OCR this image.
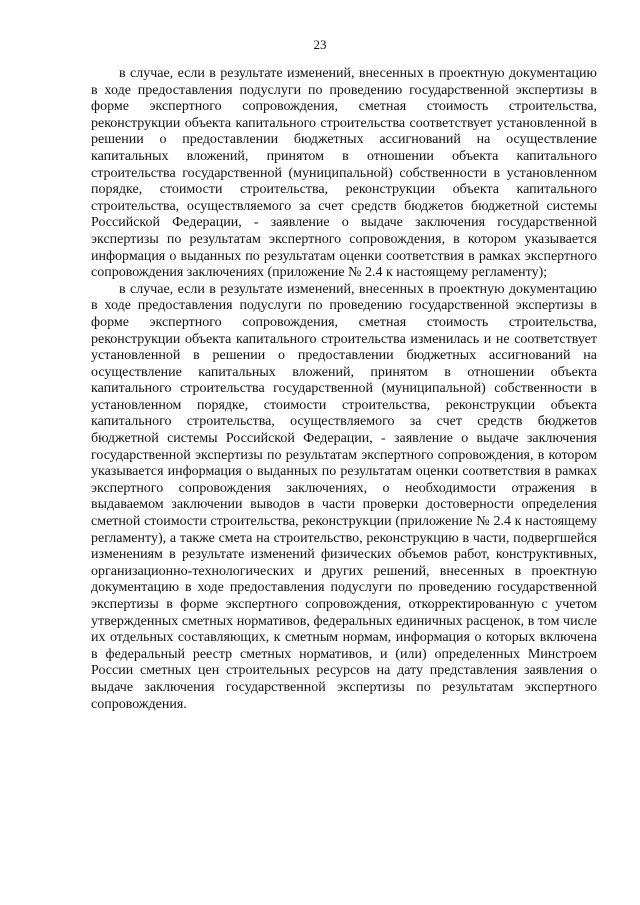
23

в случае, если в результате изменений, внесенных в проектную документацию в ходе предоставления подуслуги по проведению государственной экспертизы в форме экспертного сопровождения, сметная стоимость строительства, реконструкции объекта капитального строительства соответствует установленной в решении о предоставлении бюджетных ассигнований на осуществление капитальных вложений, принятом в отношении объекта капитального строительства государственной (муниципальной) собственности в установленном порядке, стоимости строительства, реконструкции объекта капитального строительства, осуществляемого за счет средств бюджетов бюджетной системы Российской Федерации, - заявление о выдаче заключения государственной экспертизы по результатам экспертного сопровождения, в котором указывается информация о выданных по результатам оценки соответствия в рамках экспертного сопровождения заключениях (приложение № 2.4 к настоящему регламенту);

в случае, если в результате изменений, внесенных в проектную документацию в ходе предоставления подуслуги по проведению государственной экспертизы в форме экспертного сопровождения, сметная стоимость строительства, реконструкции объекта капитального строительства изменилась и не соответствует установленной в решении о предоставлении бюджетных ассигнований на осуществление капитальных вложений, принятом в отношении объекта капитального строительства государственной (муниципальной) собственности в установленном порядке, стоимости строительства, реконструкции объекта капитального строительства, осуществляемого за счет средств бюджетов бюджетной системы Российской Федерации, - заявление о выдаче заключения государственной экспертизы по результатам экспертного сопровождения, в котором указывается информация о выданных по результатам оценки соответствия в рамках экспертного сопровождения заключениях, о необходимости отражения в выдаваемом заключении выводов в части проверки достоверности определения сметной стоимости строительства, реконструкции (приложение № 2.4 к настоящему регламенту), а также смета на строительство, реконструкцию в части, подвергшейся изменениям в результате изменений физических объемов работ, конструктивных, организационно-технологических и других решений, внесенных в проектную документацию в ходе предоставления подуслуги по проведению государственной экспертизы в форме экспертного сопровождения, откорректированную с учетом утвержденных сметных нормативов, федеральных единичных расценок, в том числе их отдельных составляющих, к сметным нормам, информация о которых включена в федеральный реестр сметных нормативов, и (или) определенных Минстроем России сметных цен строительных ресурсов на дату представления заявления о выдаче заключения государственной экспертизы по результатам экспертного сопровождения.
